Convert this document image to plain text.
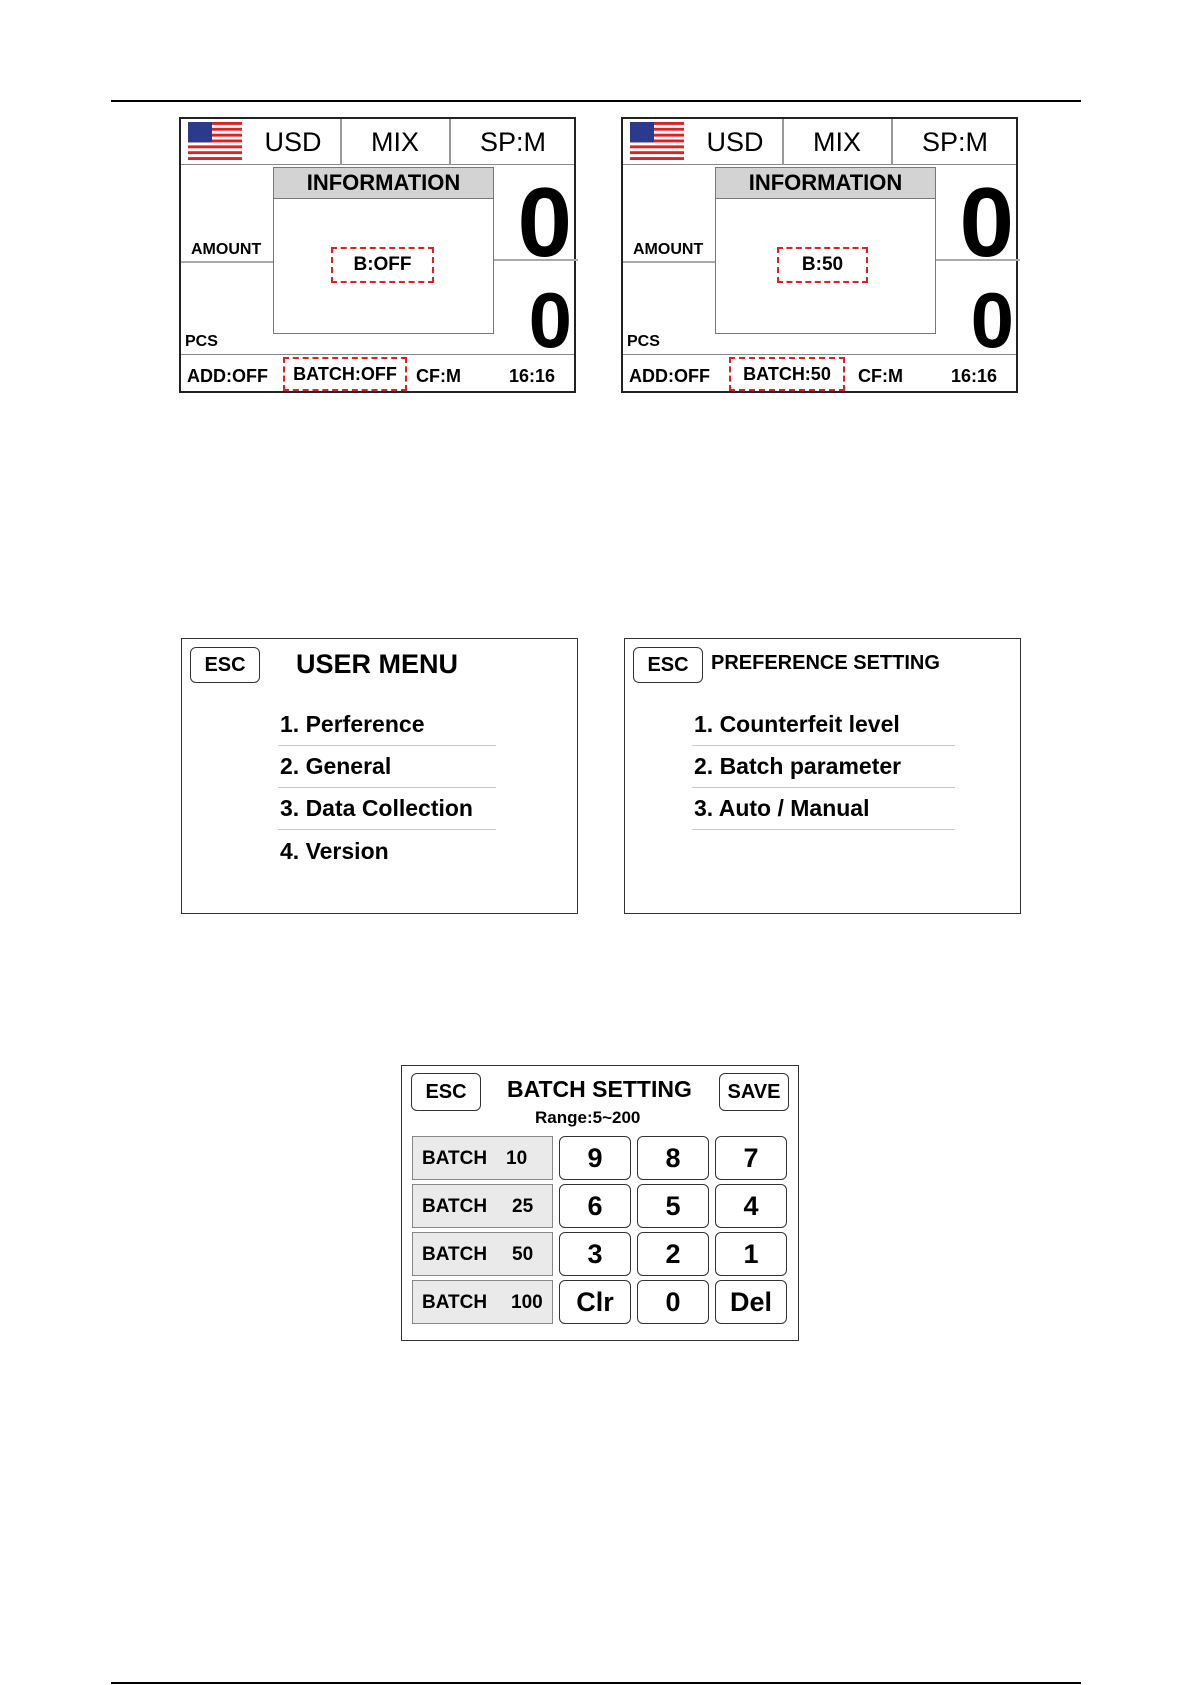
USD	MIX	SP:M
AMOUNT
PCS
INFORMATION
B:OFF 0
0
ADD:OFF	BATCH:OFF	CF:M	16:16
USD	MIX	SP:M
AMOUNT
PCS
INFORMATION
B:50 0
0
ADD:OFF	BATCH:50	CF:M	16:16
ESC	USER MENU
1. Perference
2. General
3. Data Collection
4. Version
ESC	PREFERENCE SETTING
1. Counterfeit level
2. Batch parameter
3. Auto / Manual
ESC	BATCH SETTING	SAVE
Range:5~200
BATCH 10
BATCH 25
BATCH 50
BATCH 100
9	8	7
6	5	4
3	2	1
Clr	0	Del
